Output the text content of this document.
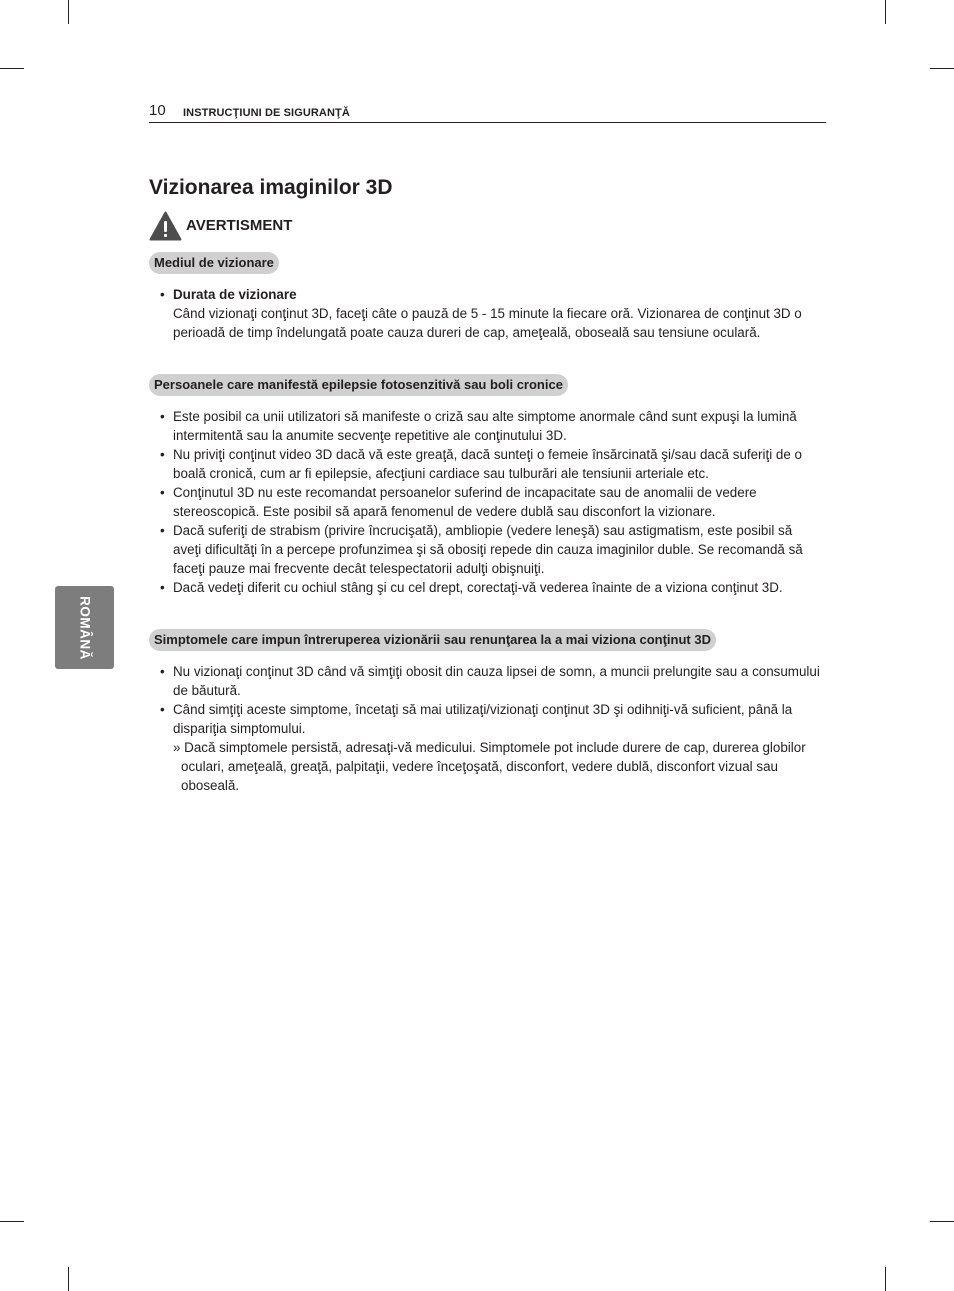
10 INSTRUCŢIUNI DE SIGURANŢĂ
Vizionarea imaginilor 3D
AVERTISMENT
Mediul de vizionare
• Durata de vizionare
Când vizionaţi conţinut 3D, faceţi câte o pauză de 5 - 15 minute la fiecare oră. Vizionarea de conţinut 3D o perioadă de timp îndelungată poate cauza dureri de cap, ameţeală, oboseală sau tensiune oculară.
Persoanele care manifestă epilepsie fotosenzitivă sau boli cronice
• Este posibil ca unii utilizatori să manifeste o criză sau alte simptome anormale când sunt expuşi la lumină intermitentă sau la anumite secvenţe repetitive ale conţinutului 3D.
• Nu priviţi conţinut video 3D dacă vă este greaţă, dacă sunteţi o femeie însărcinată şi/sau dacă suferiţi de o boală cronică, cum ar fi epilepsie, afecţiuni cardiace sau tulburări ale tensiunii arteriale etc.
• Conţinutul 3D nu este recomandat persoanelor suferind de incapacitate sau de anomalii de vedere stereoscopică. Este posibil să apară fenomenul de vedere dublă sau disconfort la vizionare.
• Dacă suferiţi de strabism (privire încrucişată), ambliopie (vedere leneşă) sau astigmatism, este posibil să aveţi dificultăţi în a percepe profunzimea şi să obosiţi repede din cauza imaginilor duble. Se recomandă să faceţi pauze mai frecvente decât telespectatorii adulţi obişnuiţi.
• Dacă vedeţi diferit cu ochiul stâng şi cu cel drept, corectaţi-vă vederea înainte de a viziona conţinut 3D.
Simptomele care impun întreruperea vizionării sau renunţarea la a mai viziona conţinut 3D
• Nu vizionaţi conţinut 3D când vă simţiţi obosit din cauza lipsei de somn, a muncii prelungite sau a consumului de băutură.
• Când simţiţi aceste simptome, încetaţi să mai utilizaţi/vizionaţi conţinut 3D şi odihniţi-vă suficient, până la dispariţia simptomului.
» Dacă simptomele persistă, adresaţi-vă medicului. Simptomele pot include durere de cap, durerea globilor oculari, ameţeală, greaţă, palpitaţii, vedere înceţoşată, disconfort, vedere dublă, disconfort vizual sau oboseală.
ROMÂNĂ
